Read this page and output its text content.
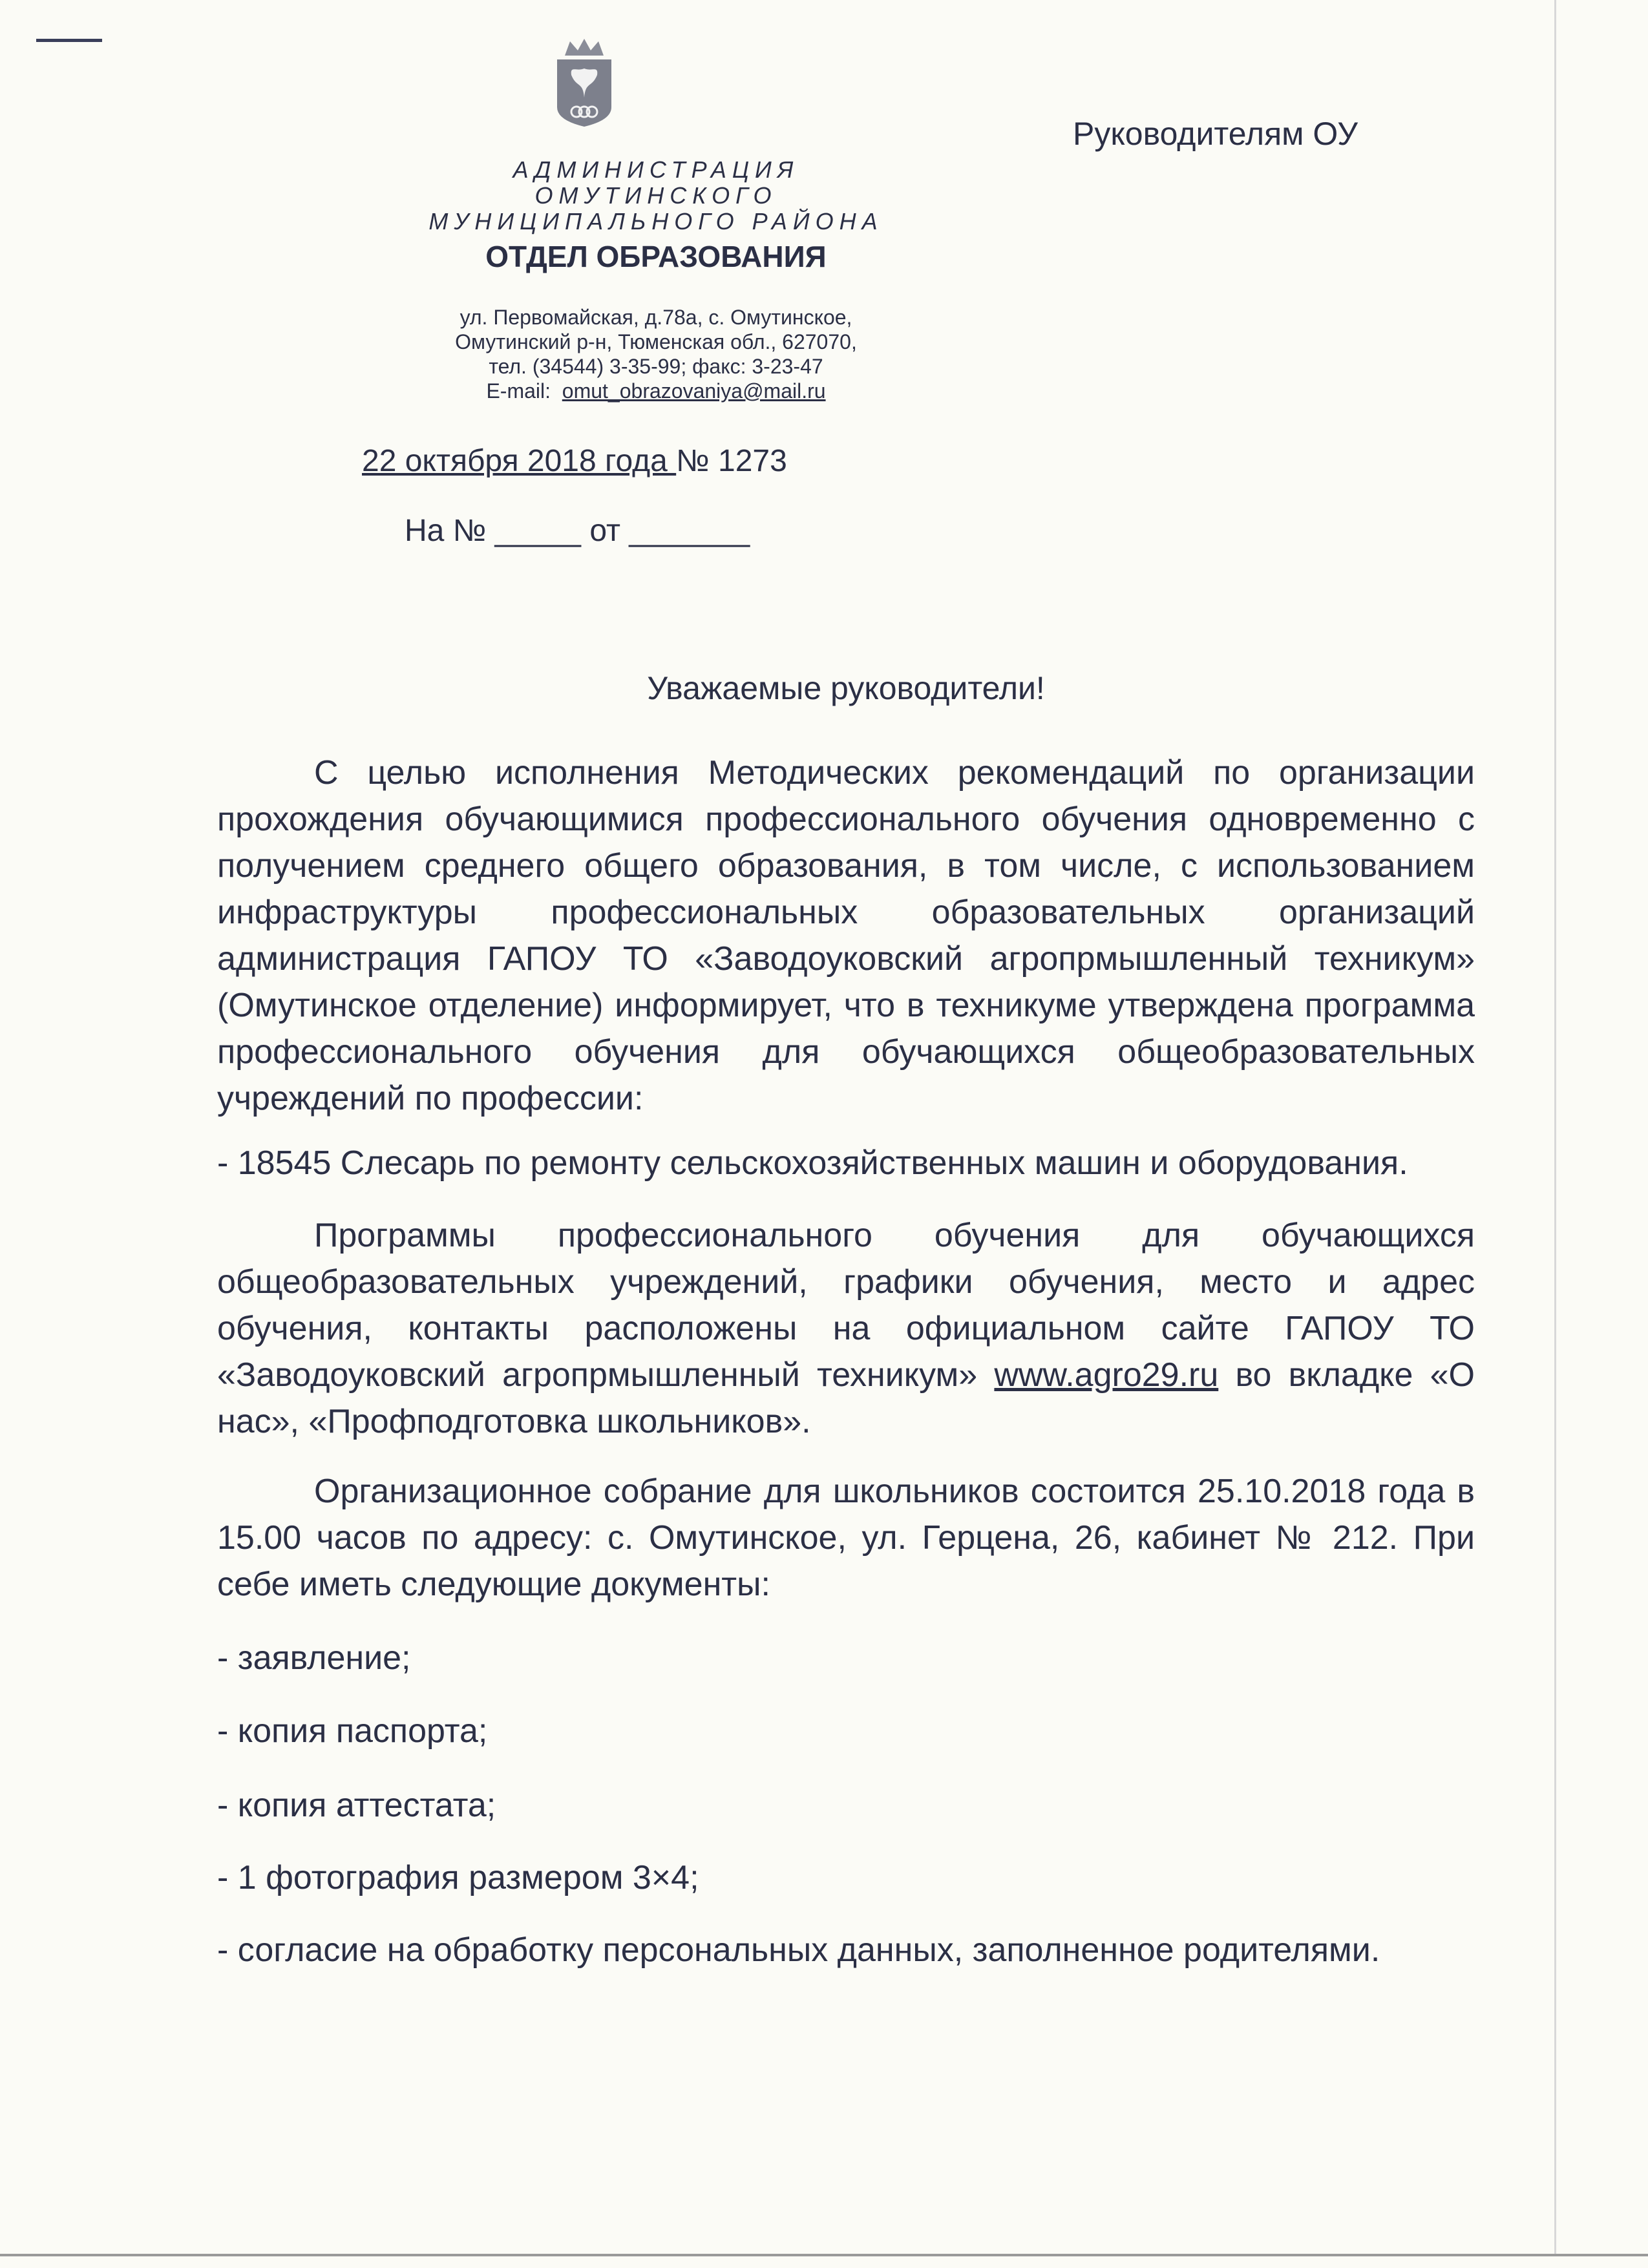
Руководителям ОУ
АДМИНИСТРАЦИЯ
ОМУТИНСКОГО
МУНИЦИПАЛЬНОГО РАЙОНА
ОТДЕЛ ОБРАЗОВАНИЯ
ул. Первомайская, д.78а, с. Омутинское,
Омутинский р-н, Тюменская обл., 627070,
тел. (34544) 3-35-99; факс: 3-23-47
E-mail: omut_obrazovaniya@mail.ru
22 октября 2018 года № 1273
На № _____ от _______
Уважаемые руководители!
С целью исполнения Методических рекомендаций по организации прохождения обучающимися профессионального обучения одновременно с получением среднего общего образования, в том числе, с использованием инфраструктуры профессиональных образовательных организаций администрация ГАПОУ ТО «Заводоуковский агропрмышленный техникум» (Омутинское отделение) информирует, что в техникуме утверждена программа профессионального обучения для обучающихся общеобразовательных учреждений по профессии:
- 18545 Слесарь по ремонту сельскохозяйственных машин и оборудования.
Программы профессионального обучения для обучающихся общеобразовательных учреждений, графики обучения, место и адрес обучения, контакты расположены на официальном сайте ГАПОУ ТО «Заводоуковский агропрмышленный техникум» www.agro29.ru во вкладке «О нас», «Профподготовка школьников».
Организационное собрание для школьников состоится 25.10.2018 года в 15.00 часов по адресу: с. Омутинское, ул. Герцена, 26, кабинет № 212. При себе иметь следующие документы:
- заявление;
- копия паспорта;
- копия аттестата;
- 1 фотография размером 3×4;
- согласие на обработку персональных данных, заполненное родителями.
